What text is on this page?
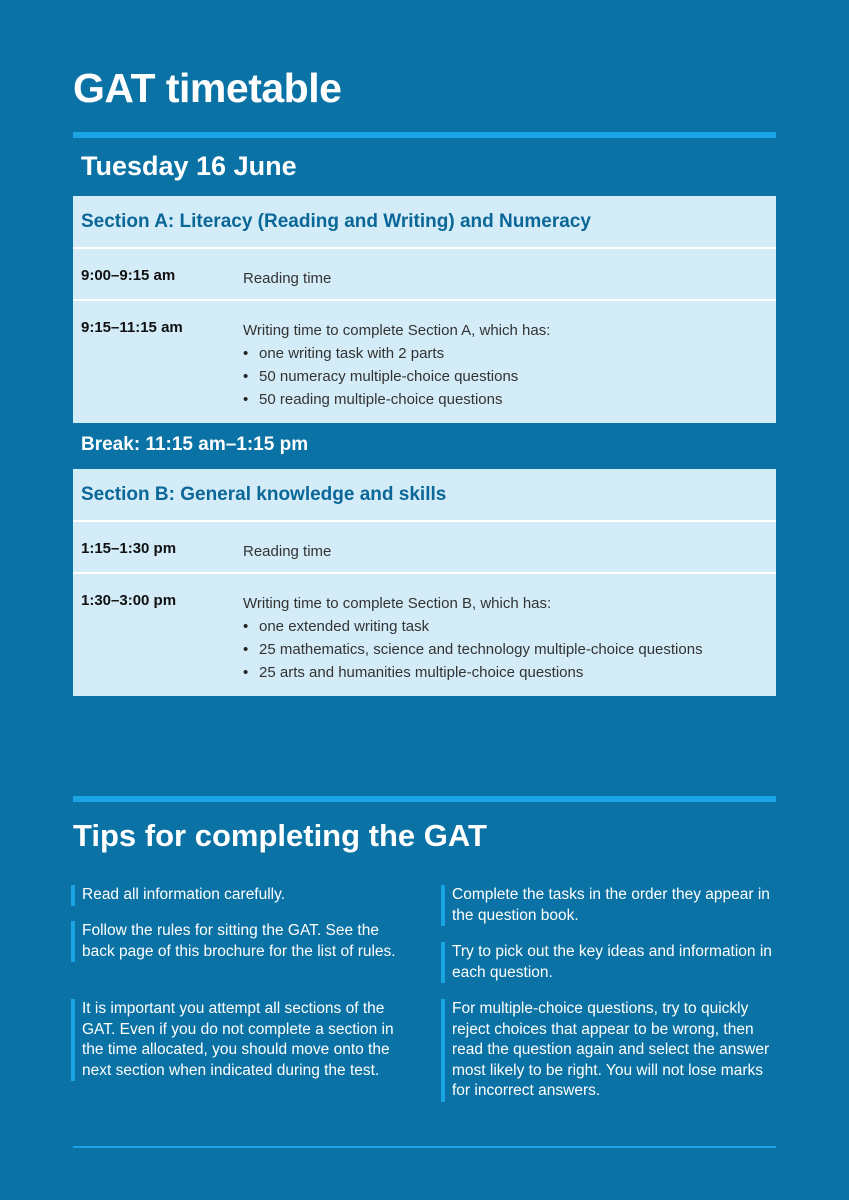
GAT timetable
Tuesday 16 June
Section A: Literacy (Reading and Writing) and Numeracy
9:00–9:15 am	Reading time
9:15–11:15 am	Writing time to complete Section A, which has:
• one writing task with 2 parts
• 50 numeracy multiple-choice questions
• 50 reading multiple-choice questions
Break: 11:15 am–1:15 pm
Section B: General knowledge and skills
1:15–1:30 pm	Reading time
1:30–3:00 pm	Writing time to complete Section B, which has:
• one extended writing task
• 25 mathematics, science and technology multiple-choice questions
• 25 arts and humanities multiple-choice questions
Tips for completing the GAT
Read all information carefully.
Follow the rules for sitting the GAT. See the back page of this brochure for the list of rules.
It is important you attempt all sections of the GAT. Even if you do not complete a section in the time allocated, you should move onto the next section when indicated during the test.
Complete the tasks in the order they appear in the question book.
Try to pick out the key ideas and information in each question.
For multiple-choice questions, try to quickly reject choices that appear to be wrong, then read the question again and select the answer most likely to be right. You will not lose marks for incorrect answers.
